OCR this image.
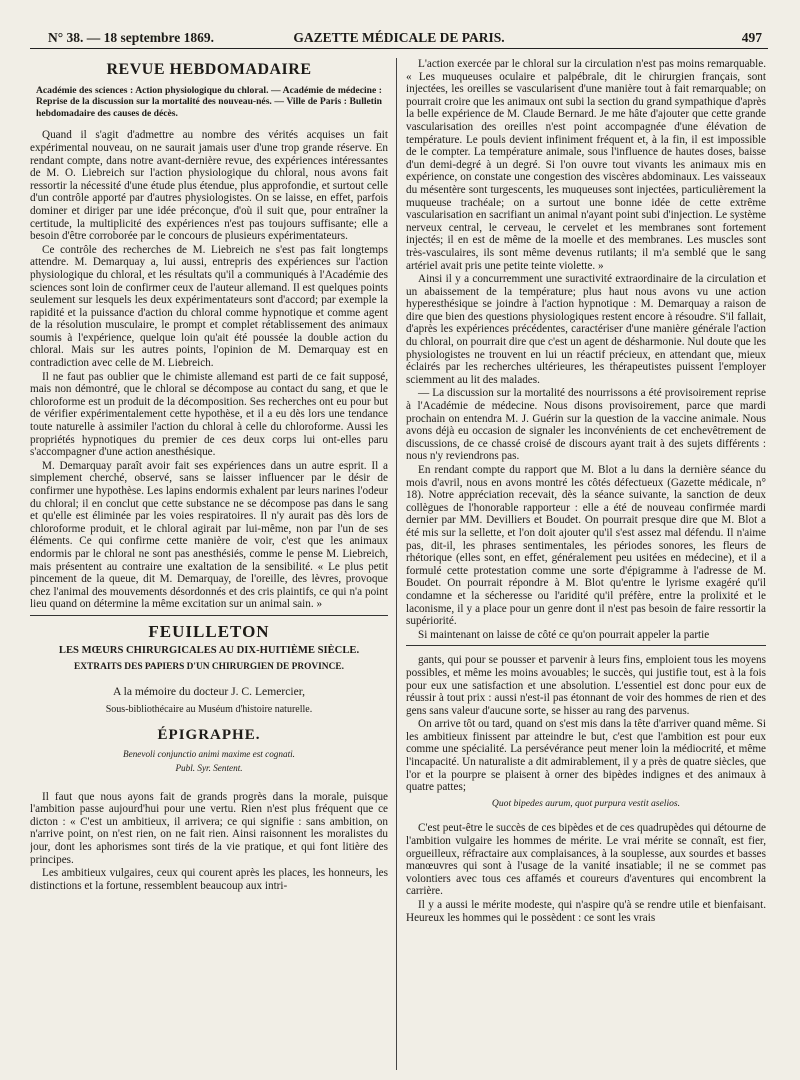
N° 38. — 18 septembre 1869.	GAZETTE MÉDICALE DE PARIS.	497
REVUE HEBDOMADAIRE
Académie des sciences : Action physiologique du chloral. — Académie de médecine : Reprise de la discussion sur la mortalité des nouveau-nés. — Ville de Paris : Bulletin hebdomadaire des causes de décès.

Quand il s'agit d'admettre au nombre des vérités acquises un fait expérimental nouveau, on ne saurait jamais user d'une trop grande réserve. En rendant compte, dans notre avant-dernière revue, des expériences intéressantes de M. O. Liebreich sur l'action physiologique du chloral, nous avons fait ressortir la nécessité d'une étude plus étendue, plus approfondie, et surtout celle d'un contrôle apporté par d'autres physiologistes. On se laisse, en effet, parfois dominer et diriger par une idée préconçue, d'où il suit que, pour entraîner la certitude, la multiplicité des expériences n'est pas toujours suffisante; elle a besoin d'être corroborée par le concours de plusieurs expérimentateurs.

Ce contrôle des recherches de M. Liebreich ne s'est pas fait longtemps attendre. M. Demarquay a, lui aussi, entrepris des expériences sur l'action physiologique du chloral, et les résultats qu'il a communiqués à l'Académie des sciences sont loin de confirmer ceux de l'auteur allemand. Il est quelques points seulement sur lesquels les deux expérimentateurs sont d'accord; par exemple la rapidité et la puissance d'action du chloral comme hypnotique et comme agent de la résolution musculaire, le prompt et complet rétablissement des animaux soumis à l'expérience, quelque loin qu'ait été poussée la double action du chloral. Mais sur les autres points, l'opinion de M. Demarquay est en contradiction avec celle de M. Liebreich.

Il ne faut pas oublier que le chimiste allemand est parti de ce fait supposé, mais non démontré, que le chloral se décompose au contact du sang, et que le chloroforme est un produit de la décomposition. Ses recherches ont eu pour but de vérifier expérimentalement cette hypothèse, et il a eu dès lors une tendance toute naturelle à assimiler l'action du chloral à celle du chloroforme. Aussi les propriétés hypnotiques du premier de ces deux corps lui ont-elles paru s'accompagner d'une action anesthésique.

M. Demarquay paraît avoir fait ses expériences dans un autre esprit. Il a simplement cherché, observé, sans se laisser influencer par le désir de confirmer une hypothèse. Les lapins endormis exhalent par leurs narines l'odeur du chloral; il en conclut que cette substance ne se décompose pas dans le sang et qu'elle est éliminée par les voies respiratoires. Il n'y aurait pas dès lors de chloroforme produit, et le chloral agirait par lui-même, non par l'un de ses éléments. Ce qui confirme cette manière de voir, c'est que les animaux endormis par le chloral ne sont pas anesthésiés, comme le pense M. Liebreich, mais présentent au contraire une exaltation de la sensibilité. « Le plus petit pincement de la queue, dit M. Demarquay, de l'oreille, des lèvres, provoque chez l'animal des mouvements désordonnés et des cris plaintifs, ce qui n'a point lieu quand on détermine la même excitation sur un animal sain. »

FEUILLETON
LES MŒURS CHIRURGICALES AU DIX-HUITIÈME SIÈCLE.
EXTRAITS DES PAPIERS D'UN CHIRURGIEN DE PROVINCE.
A la mémoire du docteur J. C. Lemercier,
Sous-bibliothécaire au Muséum d'histoire naturelle.
ÉPIGRAPHE.
Benevoli conjunctio animi maxime est cognati.
Publ. Syr. Sentent.

Il faut que nous ayons fait de grands progrès dans la morale, puisque l'ambition passe aujourd'hui pour une vertu. Rien n'est plus fréquent que ce dicton : « C'est un ambitieux, il arrivera; ce qui signifie : sans ambition, on n'arrive point, on n'est rien, on ne fait rien. Ainsi raisonnent les moralistes du jour, dont les aphorismes sont tirés de la vie pratique, et qui font litière des principes.

Les ambitieux vulgaires, ceux qui courent après les places, les honneurs, les distinctions et la fortune, ressemblent beaucoup aux intri-

L'action exercée par le chloral sur la circulation n'est pas moins remarquable. « Les muqueuses oculaire et palpébrale, dit le chirurgien français, sont injectées, les oreilles se vascularisent d'une manière tout à fait remarquable; on pourrait croire que les animaux ont subi la section du grand sympathique d'après la belle expérience de M. Claude Bernard. Je me hâte d'ajouter que cette grande vascularisation des oreilles n'est point accompagnée d'une élévation de température. Le pouls devient infiniment fréquent et, à la fin, il est impossible de le compter. La température animale, sous l'influence de hautes doses, baisse d'un demi-degré à un degré. Si l'on ouvre tout vivants les animaux mis en expérience, on constate une congestion des viscères abdominaux. Les vaisseaux du mésentère sont turgescents, les muqueuses sont injectées, particulièrement la muqueuse trachéale; on a surtout une bonne idée de cette extrême vascularisation en sacrifiant un animal n'ayant point subi d'injection. Le système nerveux central, le cerveau, le cervelet et les membranes sont fortement injectés; il en est de même de la moelle et des membranes. Les muscles sont très-vasculaires, ils sont même devenus rutilants; il m'a semblé que le sang artériel avait pris une petite teinte violette. »

Ainsi il y a concurremment une suractivité extraordinaire de la circulation et un abaissement de la température; plus haut nous avons vu une action hyperesthésique se joindre à l'action hypnotique : M. Demarquay a raison de dire que bien des questions physiologiques restent encore à résoudre. S'il fallait, d'après les expériences précédentes, caractériser d'une manière générale l'action du chloral, on pourrait dire que c'est un agent de désharmonie. Nul doute que les physiologistes ne trouvent en lui un réactif précieux, en attendant que, mieux éclairés par les recherches ultérieures, les thérapeutistes puissent l'employer sciemment au lit des malades.

— La discussion sur la mortalité des nourrissons a été provisoirement reprise à l'Académie de médecine. Nous disons provisoirement, parce que mardi prochain on entendra M. J. Guérin sur la question de la vaccine animale. Nous avons déjà eu occasion de signaler les inconvénients de cet enchevêtrement de discussions, de ce chassé croisé de discours ayant trait à des sujets différents : nous n'y reviendrons pas.

En rendant compte du rapport que M. Blot a lu dans la dernière séance du mois d'avril, nous en avons montré les côtés défectueux (Gazette médicale, n° 18). Notre appréciation recevait, dès la séance suivante, la sanction de deux collègues de l'honorable rapporteur : elle a été de nouveau confirmée mardi dernier par MM. Devilliers et Boudet. On pourrait presque dire que M. Blot a été mis sur la sellette, et l'on doit ajouter qu'il s'est assez mal défendu. Il n'aime pas, dit-il, les phrases sentimentales, les périodes sonores, les fleurs de rhétorique (elles sont, en effet, généralement peu usitées en médecine), et il a formulé cette protestation comme une sorte d'épigramme à l'adresse de M. Boudet. On pourrait répondre à M. Blot qu'entre le lyrisme exagéré qu'il condamne et la sécheresse ou l'aridité qu'il préfère, entre la prolixité et le laconisme, il y a place pour un genre dont il n'est pas besoin de faire ressortir la supériorité.

Si maintenant on laisse de côté ce qu'on pourrait appeler la partie

gants, qui pour se pousser et parvenir à leurs fins, emploient tous les moyens possibles, et même les moins avouables; le succès, qui justifie tout, est à la fois pour eux une satisfaction et une absolution. L'essentiel est donc pour eux de réussir à tout prix : aussi n'est-il pas étonnant de voir des hommes de rien et des gens sans valeur d'aucune sorte, se hisser au rang des parvenus.

On arrive tôt ou tard, quand on s'est mis dans la tête d'arriver quand même. Si les ambitieux finissent par atteindre le but, c'est que l'ambition est pour eux comme une spécialité. La persévérance peut mener loin la médiocrité, et même l'incapacité. Un naturaliste a dit admirablement, il y a près de quatre siècles, que l'or et la pourpre se plaisent à orner des bipèdes indignes et des animaux à quatre pattes;

Quot bipedes aurum, quot purpura vestit aselios.

C'est peut-être le succès de ces bipèdes et de ces quadrupèdes qui détourne de l'ambition vulgaire les hommes de mérite. Le vrai mérite se connaît, est fier, orgueilleux, réfractaire aux complaisances, à la souplesse, aux sourdes et basses manœuvres qui sont à l'usage de la vanité insatiable; il ne se commet pas volontiers avec tous ces affamés et coureurs d'aventures qui encombrent la carrière.

Il y a aussi le mérite modeste, qui n'aspire qu'à se rendre utile et bienfaisant. Heureux les hommes qui le possèdent : ce sont les vrais
